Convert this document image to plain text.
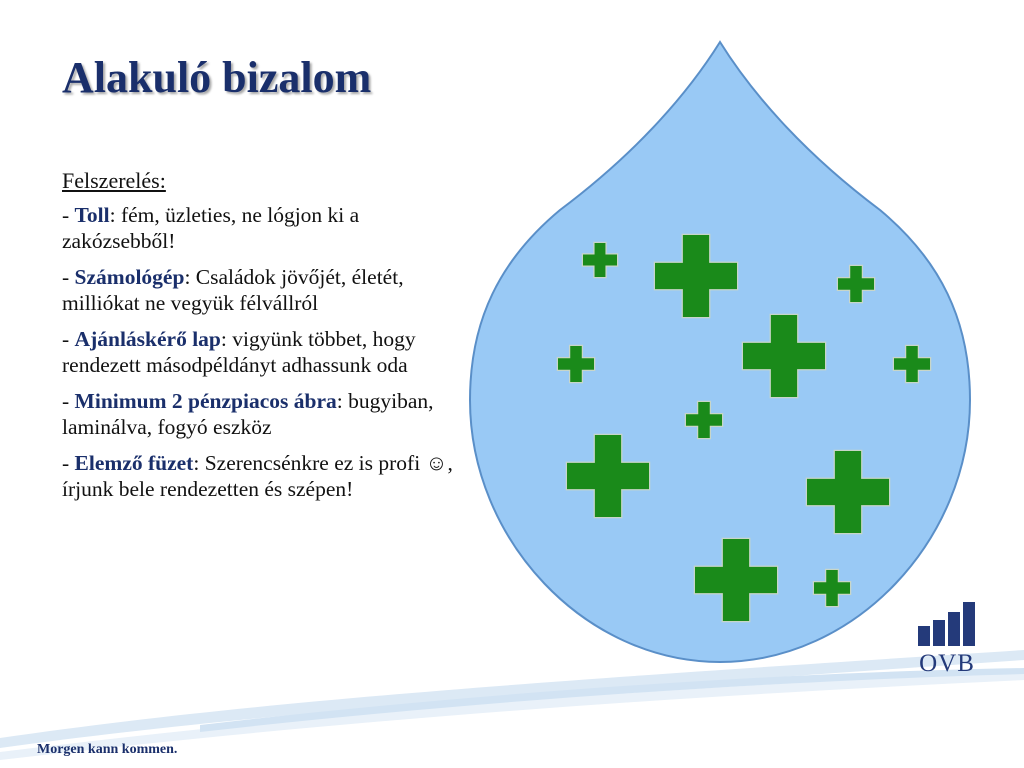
Alakuló bizalom

Felszerelés:

- Toll: fém, üzleties, ne lógjon ki a zakózsebből!

- Számológép: Családok jövőjét, életét, milliókat ne vegyük félvállról

- Ajánláskérő lap: vigyünk többet, hogy rendezett másodpéldányt adhassunk oda

- Minimum 2 pénzpiacos ábra: bugyiban, laminálva, fogyó eszköz

- Elemző füzet: Szerencsénkre ez is profi ☺, írjunk bele rendezetten és szépen!

OVB
Morgen kann kommen.
